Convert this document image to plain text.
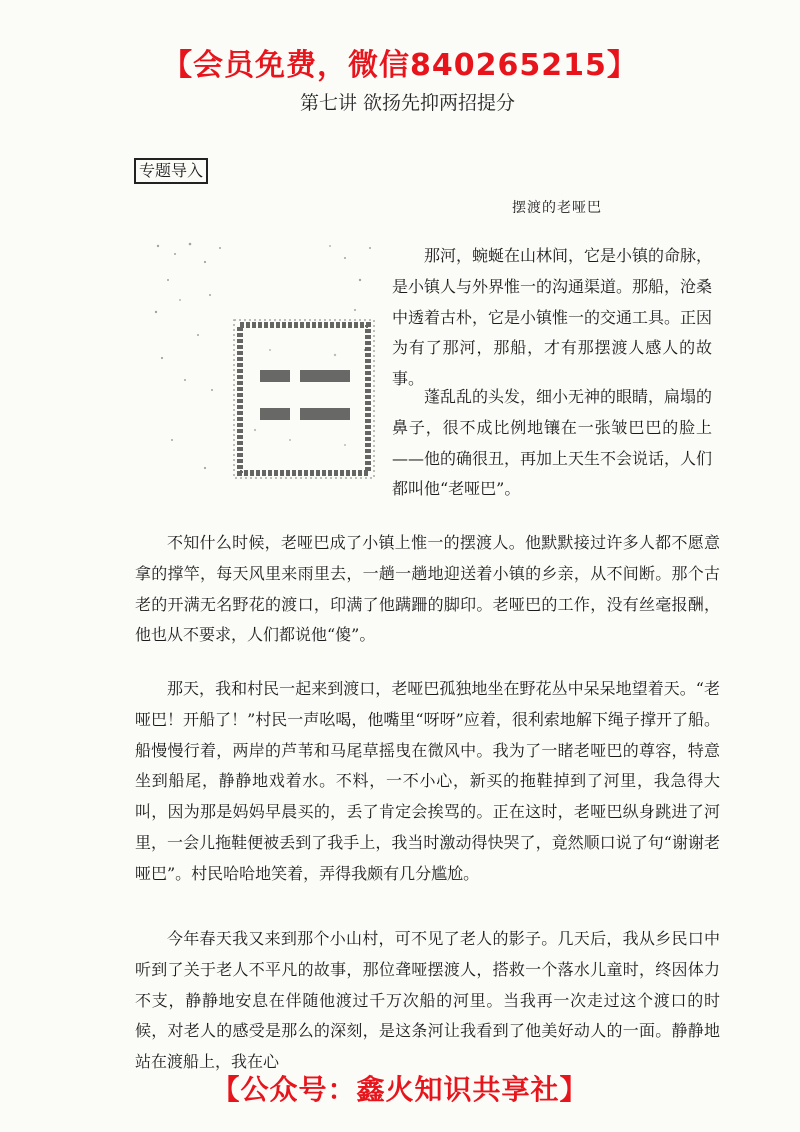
【会员免费，微信840265215】
第七讲 欲扬先抑两招提分
专题导入
摆渡的老哑巴

那河，蜿蜒在山林间，它是小镇的命脉，是小镇人与外界惟一的沟通渠道。那船，沧桑中透着古朴，它是小镇惟一的交通工具。正因为有了那河，那船，才有那摆渡人感人的故事。

蓬乱乱的头发，细小无神的眼睛，扁塌的鼻子，很不成比例地镶在一张皱巴巴的脸上——他的确很丑，再加上天生不会说话，人们都叫他“老哑巴”。

不知什么时候，老哑巴成了小镇上惟一的摆渡人。他默默接过许多人都不愿意拿的撑竿，每天风里来雨里去，一趟一趟地迎送着小镇的乡亲，从不间断。那个古老的开满无名野花的渡口，印满了他蹒跚的脚印。老哑巴的工作，没有丝毫报酬，他也从不要求，人们都说他“傻”。

那天，我和村民一起来到渡口，老哑巴孤独地坐在野花丛中呆呆地望着天。“老哑巴！开船了！”村民一声吆喝，他嘴里“呀呀”应着，很利索地解下绳子撑开了船。船慢慢行着，两岸的芦苇和马尾草摇曳在微风中。我为了一睹老哑巴的尊容，特意坐到船尾，静静地戏着水。不料，一不小心，新买的拖鞋掉到了河里，我急得大叫，因为那是妈妈早晨买的，丢了肯定会挨骂的。正在这时，老哑巴纵身跳进了河里，一会儿拖鞋便被丢到了我手上，我当时激动得快哭了，竟然顺口说了句“谢谢老哑巴”。村民哈哈地笑着，弄得我颇有几分尴尬。

今年春天我又来到那个小山村，可不见了老人的影子。几天后，我从乡民口中听到了关于老人不平凡的故事，那位聋哑摆渡人，搭救一个落水儿童时，终因体力不支，静静地安息在伴随他渡过千万次船的河里。当我再一次走过这个渡口的时候，对老人的感受是那么的深刻，是这条河让我看到了他美好动人的一面。静静地站在渡船上，我在心

【公众号：鑫火知识共享社】
